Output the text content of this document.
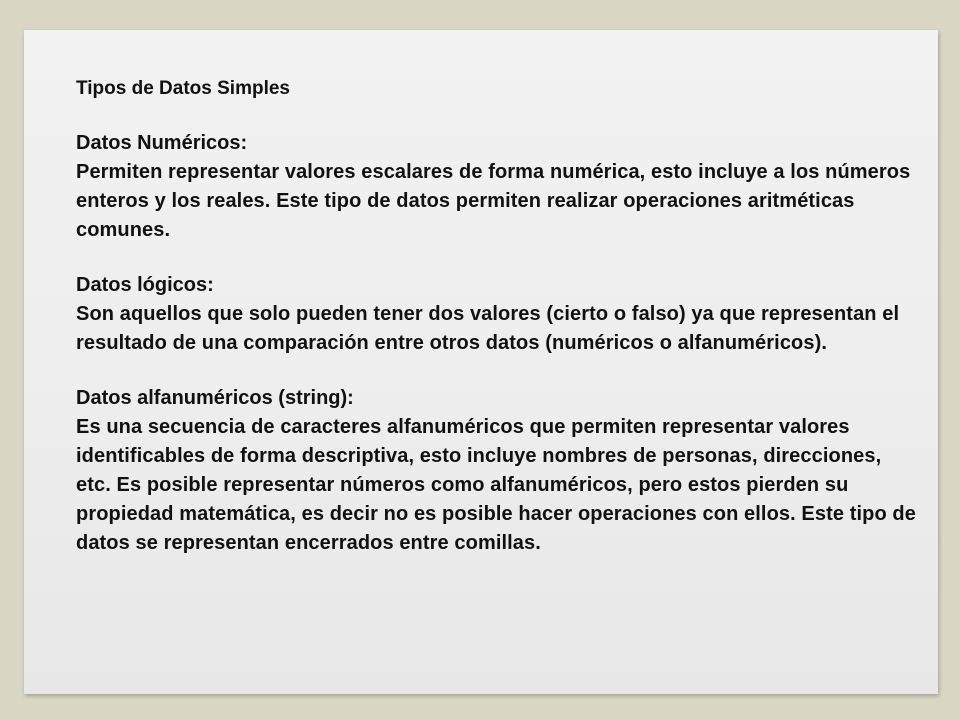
Tipos de Datos Simples

Datos Numéricos:

Permiten representar valores escalares de forma numérica, esto incluye a los números enteros y los reales. Este tipo de datos permiten realizar operaciones aritméticas comunes.

Datos lógicos:

Son aquellos que solo pueden tener dos valores (cierto o falso) ya que representan el resultado de una comparación entre otros datos (numéricos o alfanuméricos).

Datos alfanuméricos (string):

Es una secuencia de caracteres alfanuméricos que permiten representar valores identificables de forma descriptiva, esto incluye nombres de personas, direcciones, etc. Es posible representar números como alfanuméricos, pero estos pierden su propiedad matemática, es decir no es posible hacer operaciones con ellos. Este tipo de datos se representan encerrados entre comillas.
